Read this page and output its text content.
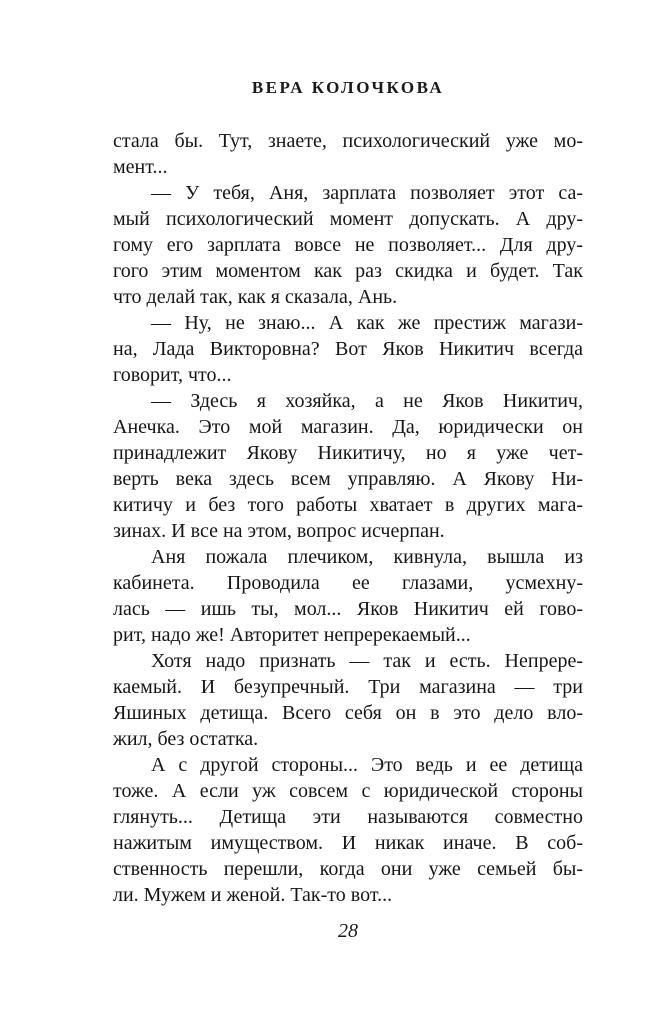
ВЕРА КОЛОЧКОВА
стала бы. Тут, знаете, психологический уже мо-
мент...
— У тебя, Аня, зарплата позволяет этот са-
мый психологический момент допускать. А дру-
гому его зарплата вовсе не позволяет... Для дру-
гого этим моментом как раз скидка и будет. Так
что делай так, как я сказала, Ань.
— Ну, не знаю... А как же престиж магази-
на, Лада Викторовна? Вот Яков Никитич всегда
говорит, что...
— Здесь я хозяйка, а не Яков Никитич,
Анечка. Это мой магазин. Да, юридически он
принадлежит Якову Никитичу, но я уже чет-
верть века здесь всем управляю. А Якову Ни-
китичу и без того работы хватает в других мага-
зинах. И все на этом, вопрос исчерпан.
Аня пожала плечиком, кивнула, вышла из
кабинета. Проводила ее глазами, усмехну-
лась — ишь ты, мол... Яков Никитич ей гово-
рит, надо же! Авторитет непререкаемый...
Хотя надо признать — так и есть. Непрере-
каемый. И безупречный. Три магазина — три
Яшиных детища. Всего себя он в это дело вло-
жил, без остатка.
А с другой стороны... Это ведь и ее детища
тоже. А если уж совсем с юридической стороны
глянуть... Детища эти называются совместно
нажитым имуществом. И никак иначе. В соб-
ственность перешли, когда они уже семьей бы-
ли. Мужем и женой. Так-то вот...
28
